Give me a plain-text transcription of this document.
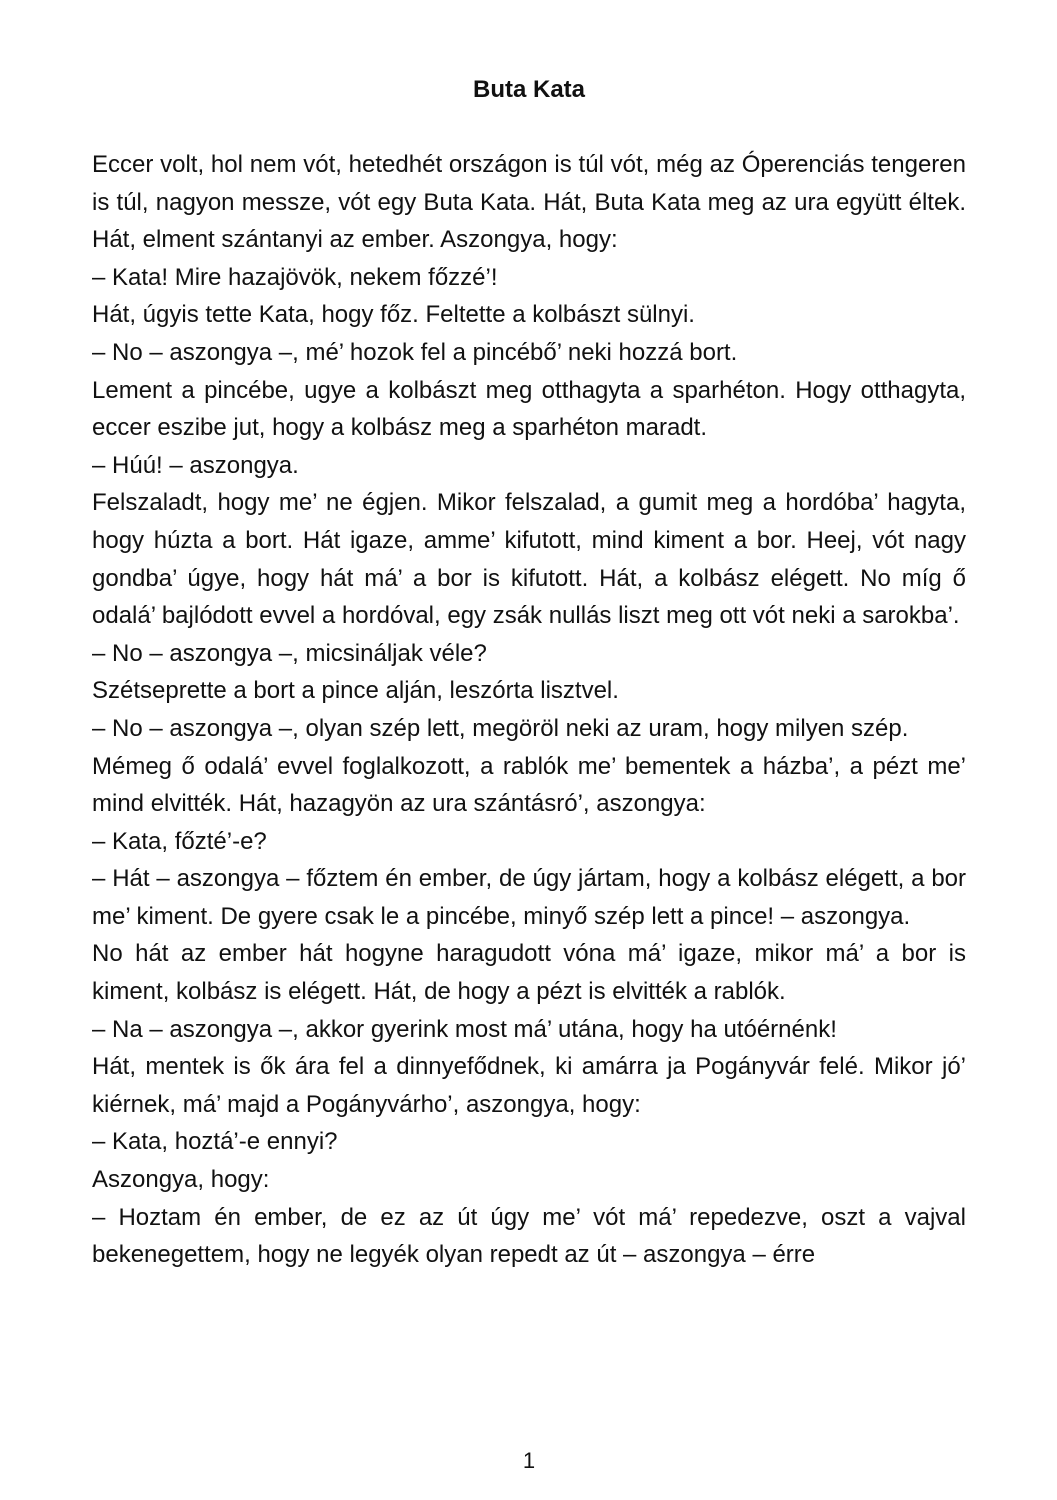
Buta Kata

Eccer volt, hol nem vót, hetedhét országon is túl vót, még az Óperenciás tengeren is túl, nagyon messze, vót egy Buta Kata. Hát, Buta Kata meg az ura együtt éltek. Hát, elment szántanyi az ember. Aszongya, hogy:

– Kata! Mire hazajövök, nekem főzzé’!

Hát, úgyis tette Kata, hogy főz. Feltette a kolbászt sülnyi.

– No – aszongya –, mé’ hozok fel a pincébő’ neki hozzá bort.

Lement a pincébe, ugye a kolbászt meg otthagyta a sparhéton. Hogy otthagyta, eccer eszibe jut, hogy a kolbász meg a sparhéton maradt.

– Húú! – aszongya.

Felszaladt, hogy me’ ne égjen. Mikor felszalad, a gumit meg a hordóba’ hagyta, hogy húzta a bort. Hát igaze, amme’ kifutott, mind kiment a bor. Heej, vót nagy gondba’ úgye, hogy hát má’ a bor is kifutott. Hát, a kolbász elégett. No míg ő odalá’ bajlódott evvel a hordóval, egy zsák nullás liszt meg ott vót neki a sarokba’.

– No – aszongya –, micsináljak véle?

Szétseprette a bort a pince alján, leszórta lisztvel.

– No – aszongya –, olyan szép lett, megöröl neki az uram, hogy milyen szép.

Mémeg ő odalá’ evvel foglalkozott, a rablók me’ bementek a házba’, a pézt me’ mind elvitték. Hát, hazagyön az ura szántásró’, aszongya:

– Kata, főzté’-e?

– Hát – aszongya – főztem én ember, de úgy jártam, hogy a kolbász elégett, a bor me’ kiment. De gyere csak le a pincébe, minyő szép lett a pince! – aszongya.

No hát az ember hát hogyne haragudott vóna má’ igaze, mikor má’ a bor is kiment, kolbász is elégett. Hát, de hogy a pézt is elvitték a rablók.

– Na – aszongya –, akkor gyerink most má’ utána, hogy ha utóérnénk!

Hát, mentek is ők ára fel a dinnyefődnek, ki amárra ja Pogányvár felé. Mikor jó’ kiérnek, má’ majd a Pogányvárho’, aszongya, hogy:

– Kata, hoztá’-e ennyi?

Aszongya, hogy:

– Hoztam én ember, de ez az út úgy me’ vót má’ repedezve, oszt a vajval bekenegettem, hogy ne legyék olyan repedt az út – aszongya – érre

1
